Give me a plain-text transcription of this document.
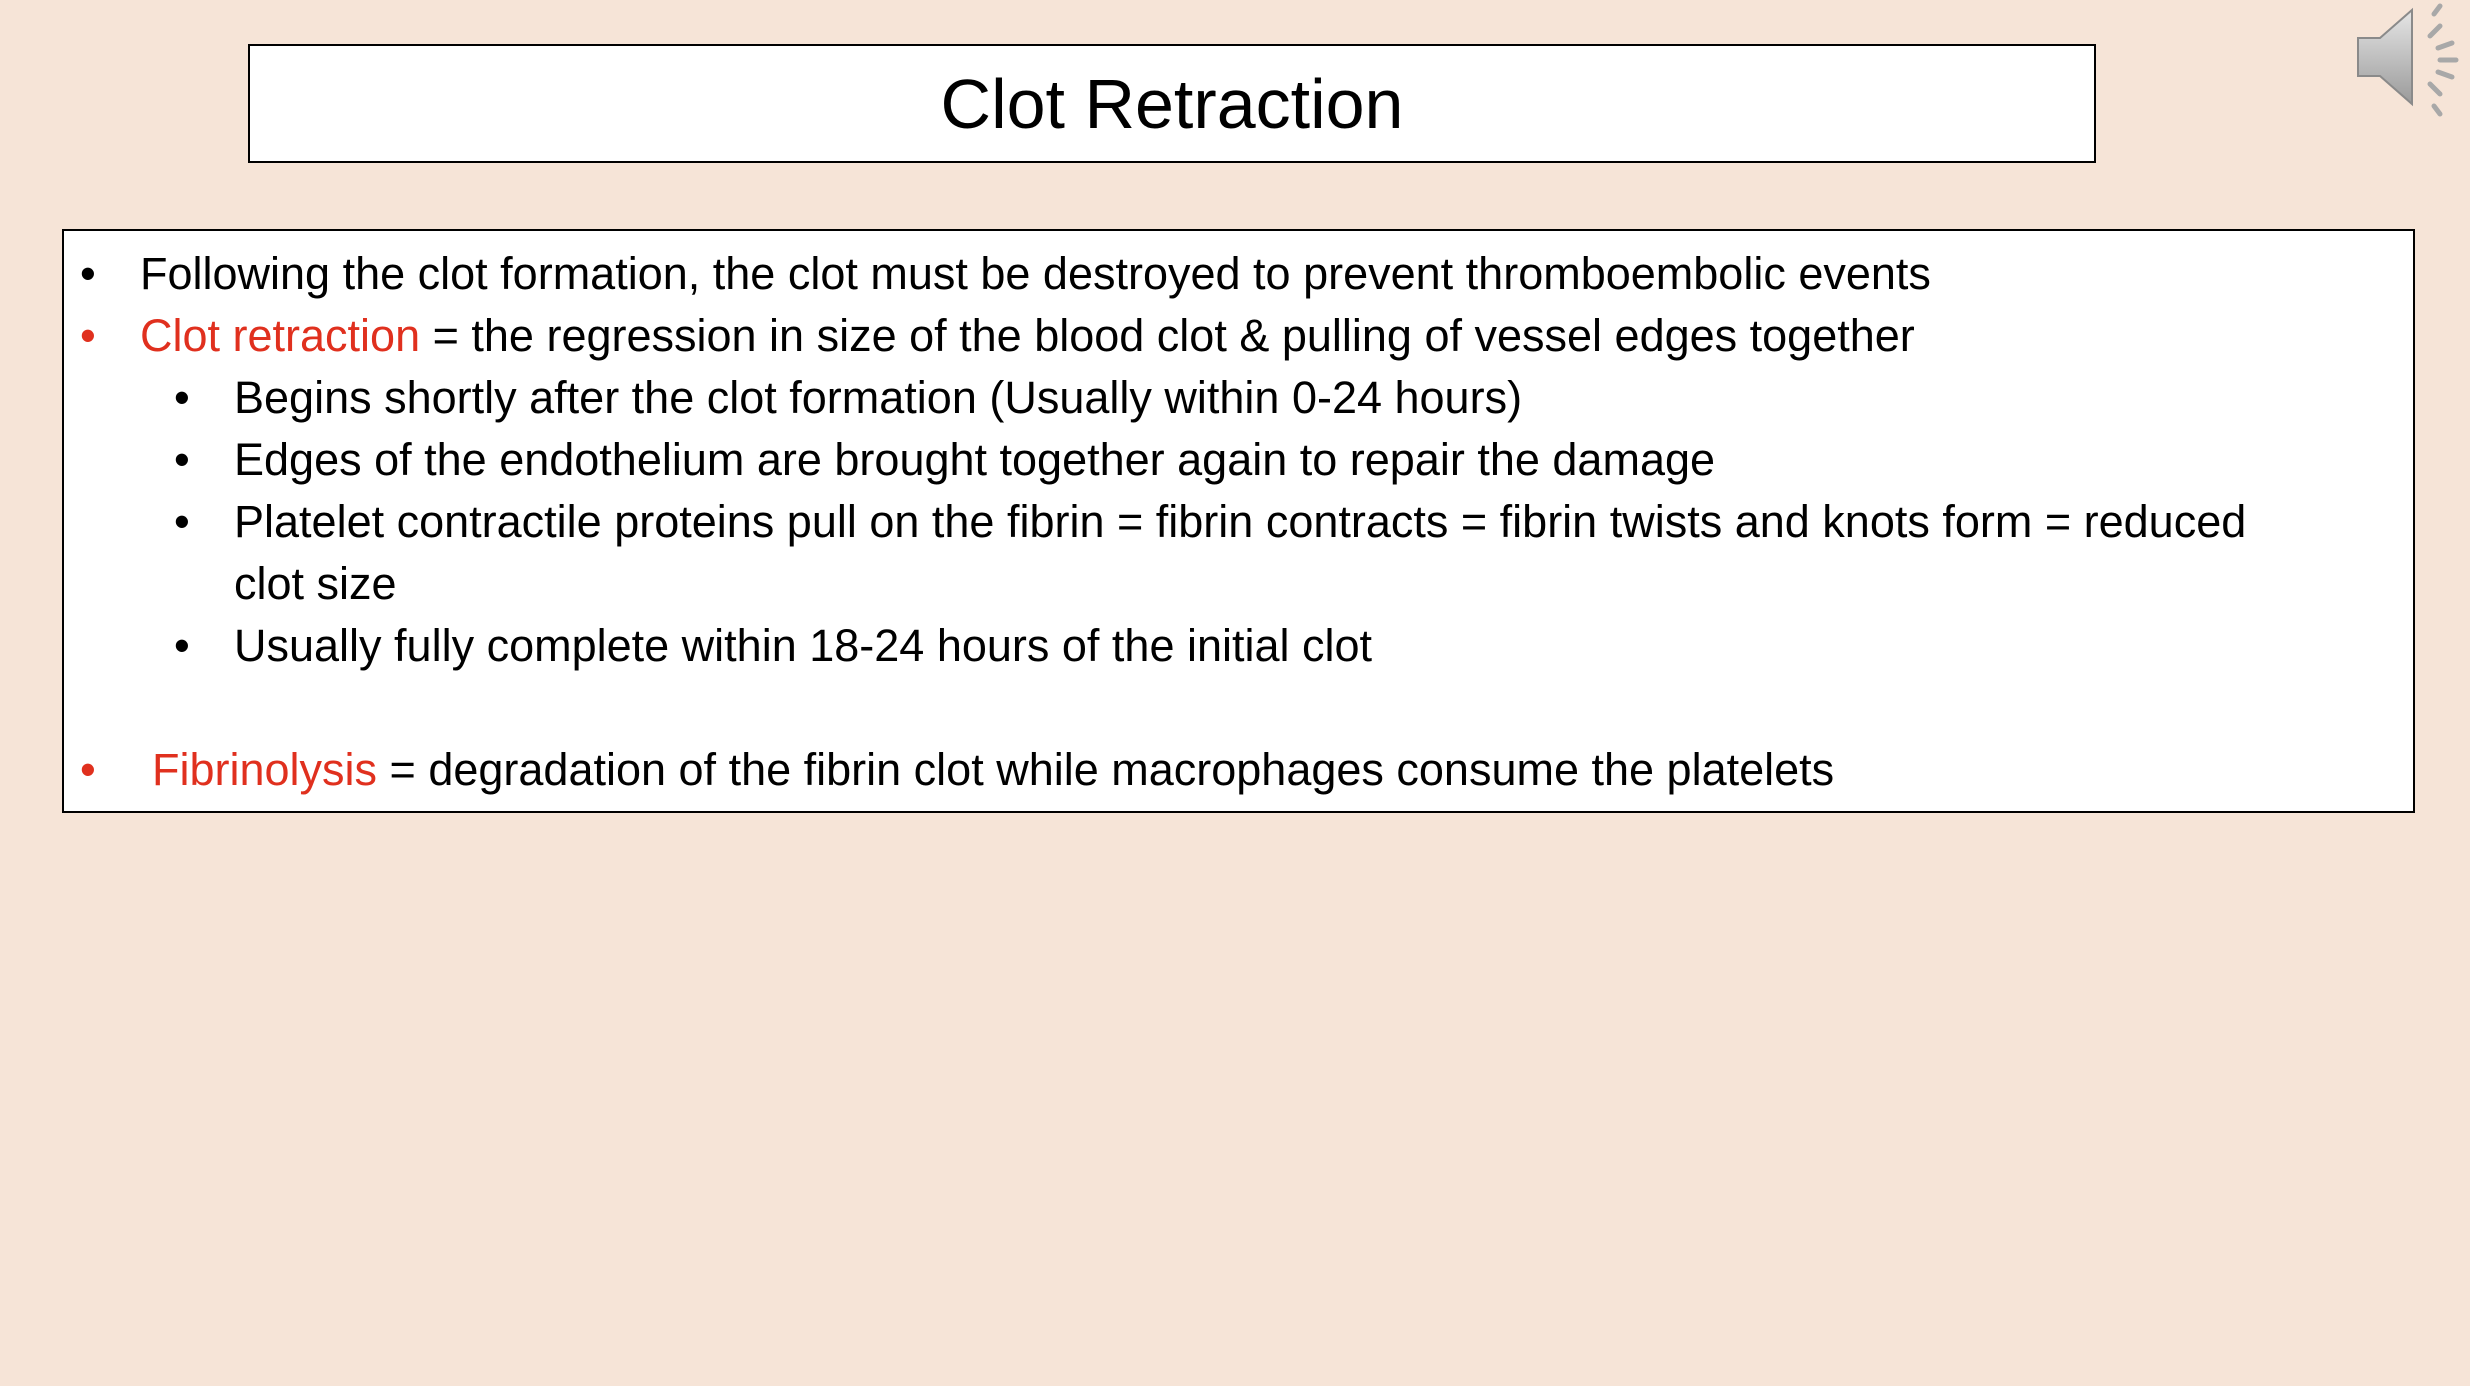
Clot Retraction
• Following the clot formation, the clot must be destroyed to prevent thromboembolic events
• Clot retraction = the regression in size of the blood clot & pulling of vessel edges together
• Begins shortly after the clot formation (Usually within 0-24 hours)
• Edges of the endothelium are brought together again to repair the damage
• Platelet contractile proteins pull on the fibrin = fibrin contracts = fibrin twists and knots form = reduced
clot size
• Usually fully complete within 18-24 hours of the initial clot
• Fibrinolysis = degradation of the fibrin clot while macrophages consume the platelets
